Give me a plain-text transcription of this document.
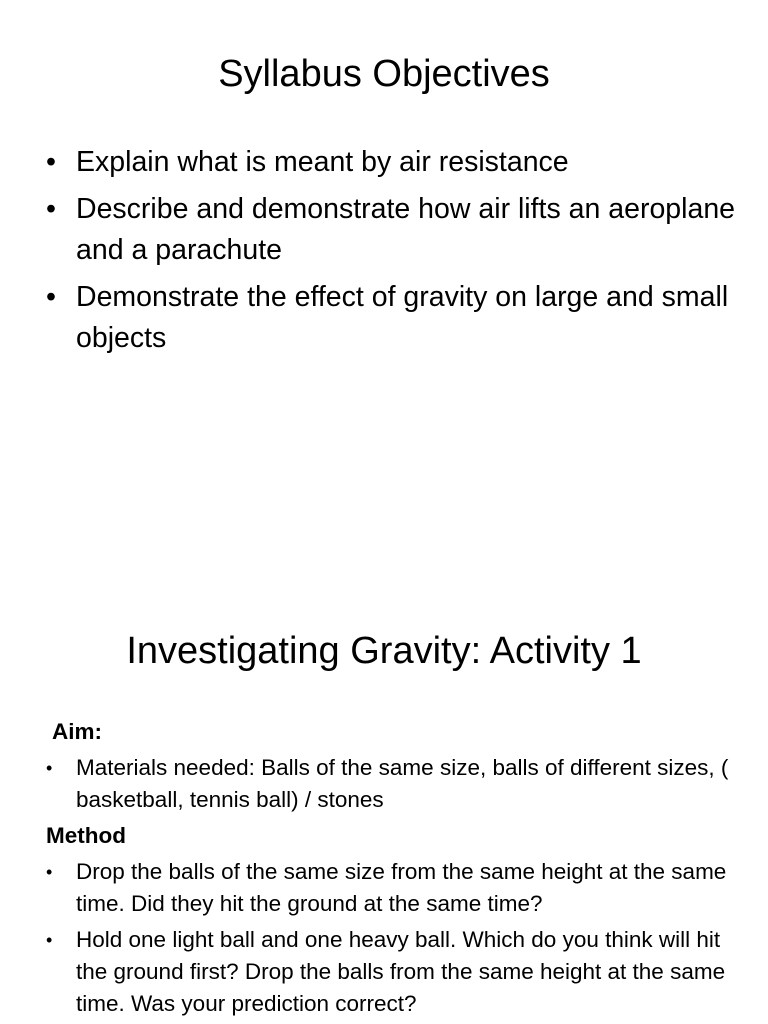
Syllabus Objectives
• Explain what is meant by air resistance
• Describe and demonstrate how air lifts an aeroplane and a parachute
• Demonstrate the effect of gravity on large and small objects
Investigating Gravity: Activity 1

Aim:

• Materials needed: Balls of the same size, balls of different sizes, ( basketball, tennis ball) / stones

Method

• Drop the balls of the same size from the same height at the same time. Did they hit the ground at the same time?
• Hold one light ball and one heavy ball. Which do you think will hit the ground first? Drop the balls from the same height at the same time. Was your prediction correct?
